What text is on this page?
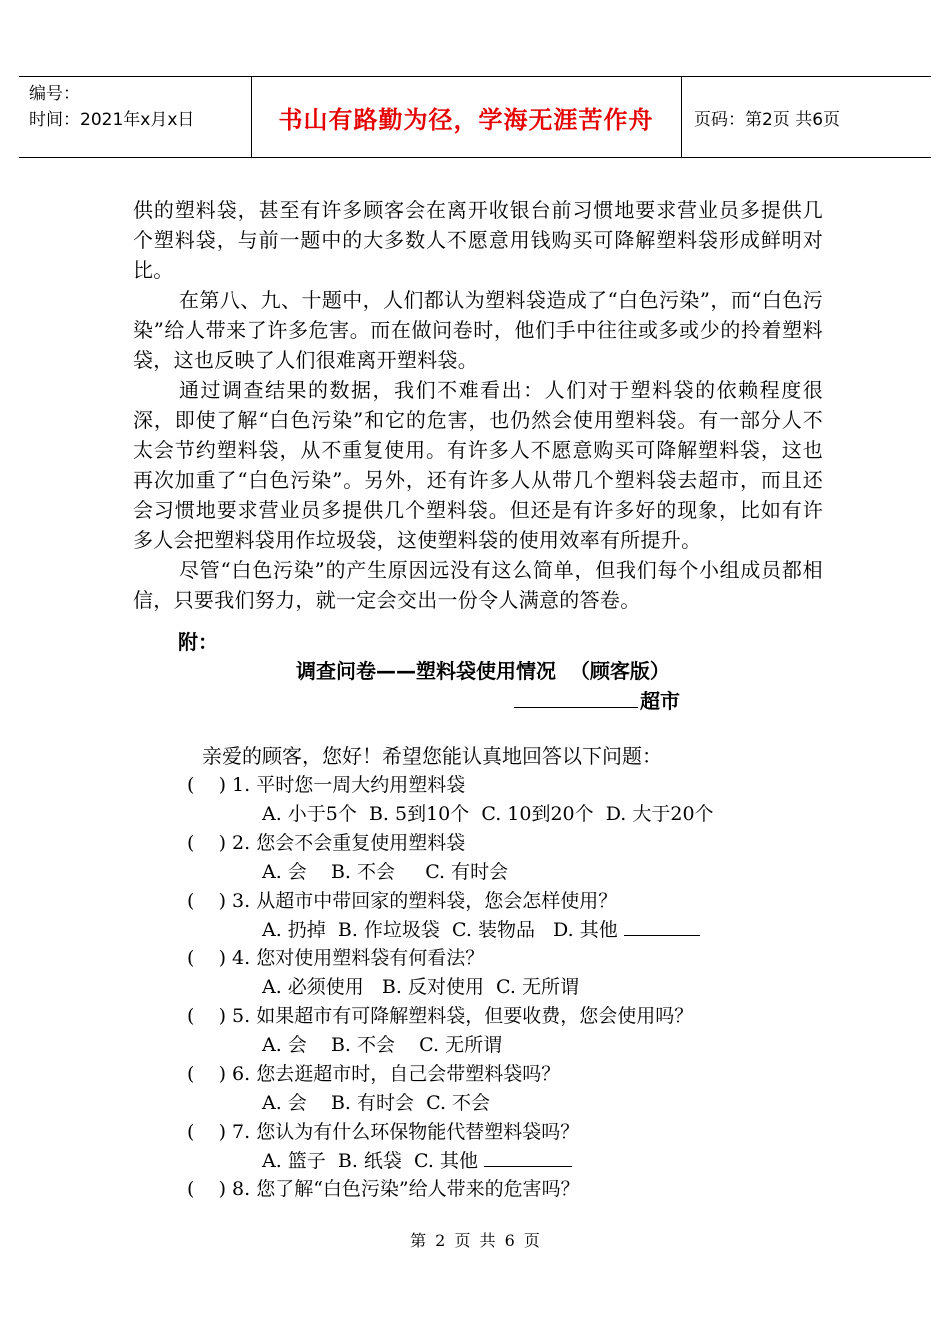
编号：
时间：2021年x月x日	书山有路勤为径，学海无涯苦作舟	页码：第2页 共6页

供的塑料袋，甚至有许多顾客会在离开收银台前习惯地要求营业员多提供几个塑料袋，与前一题中的大多数人不愿意用钱购买可降解塑料袋形成鲜明对比。

在第八、九、十题中，人们都认为塑料袋造成了“白色污染”，而“白色污染”给人带来了许多危害。而在做问卷时，他们手中往往或多或少的拎着塑料袋，这也反映了人们很难离开塑料袋。

通过调查结果的数据，我们不难看出：人们对于塑料袋的依赖程度很深，即使了解“白色污染”和它的危害，也仍然会使用塑料袋。有一部分人不太会节约塑料袋，从不重复使用。有许多人不愿意购买可降解塑料袋，这也再次加重了“白色污染”。另外，还有许多人从带几个塑料袋去超市，而且还会习惯地要求营业员多提供几个塑料袋。但还是有许多好的现象，比如有许多人会把塑料袋用作垃圾袋，这使塑料袋的使用效率有所提升。

尽管“白色污染”的产生原因远没有这么简单，但我们每个小组成员都相信，只要我们努力，就一定会交出一份令人满意的答卷。

附：
调查问卷——塑料袋使用情况  （顾客版）
超市
亲爱的顾客，您好！希望您能认真地回答以下问题：
(    ) 1. 平时您一周大约用塑料袋
A. 小于5个  B. 5到10个  C. 10到20个  D. 大于20个
(    ) 2. 您会不会重复使用塑料袋
A. 会    B. 不会     C. 有时会
(    ) 3. 从超市中带回家的塑料袋，您会怎样使用？
A. 扔掉  B. 作垃圾袋  C. 装物品   D. 其他
(    ) 4. 您对使用塑料袋有何看法？
A. 必须使用   B. 反对使用  C. 无所谓
(    ) 5. 如果超市有可降解塑料袋，但要收费，您会使用吗？
A. 会    B. 不会    C. 无所谓
(    ) 6. 您去逛超市时，自己会带塑料袋吗？
A. 会    B. 有时会  C. 不会
(    ) 7. 您认为有什么环保物能代替塑料袋吗？
A. 篮子  B. 纸袋  C. 其他
(    ) 8. 您了解“白色污染”给人带来的危害吗？
第 2 页 共 6 页
